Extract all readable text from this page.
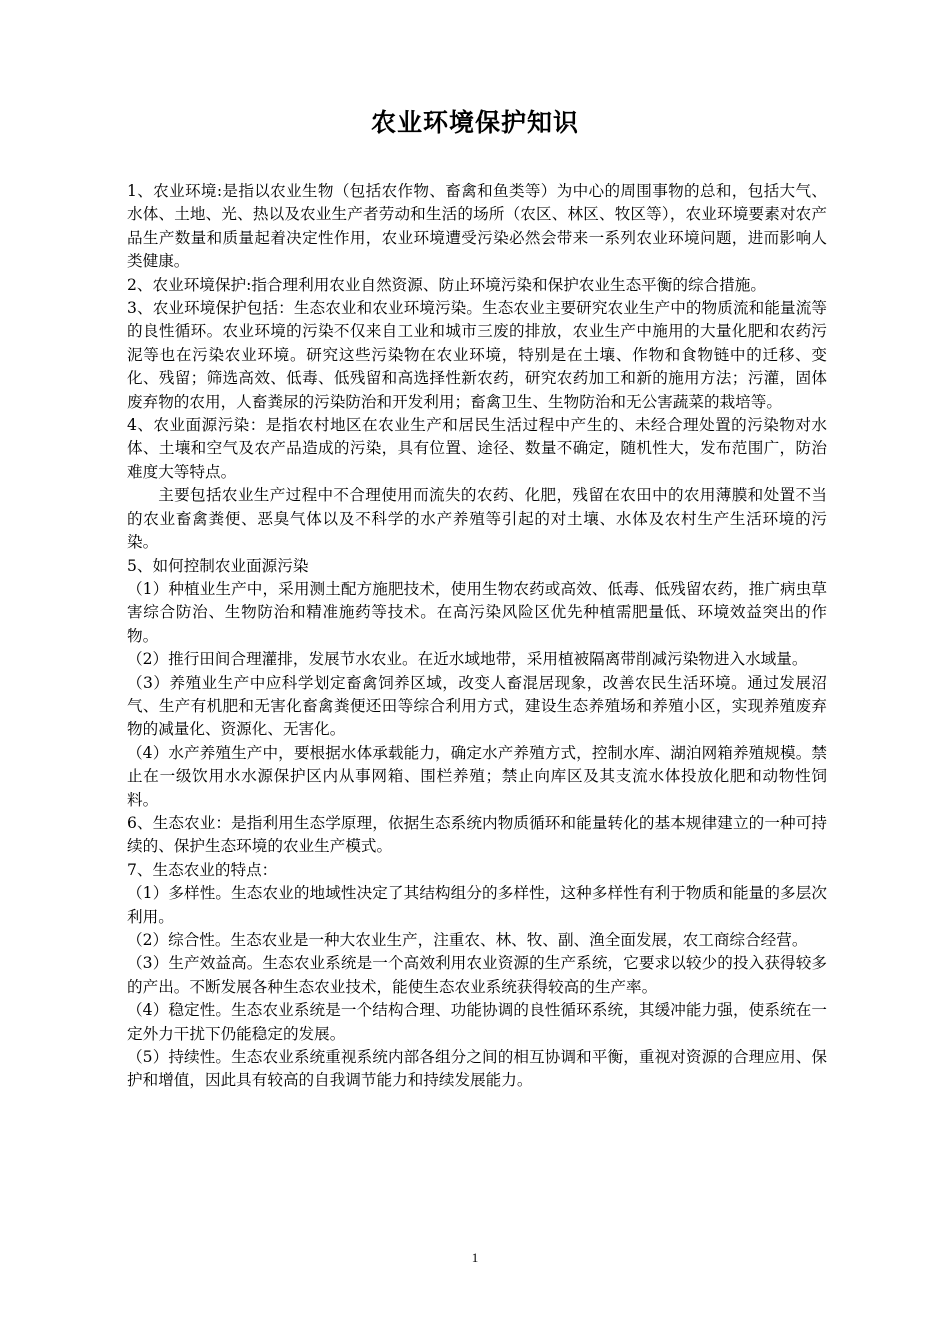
农业环境保护知识

1、农业环境:是指以农业生物（包括农作物、畜禽和鱼类等）为中心的周围事物的总和，包括大气、水体、土地、光、热以及农业生产者劳动和生活的场所（农区、林区、牧区等），农业环境要素对农产品生产数量和质量起着决定性作用，农业环境遭受污染必然会带来一系列农业环境问题，进而影响人类健康。

2、农业环境保护:指合理利用农业自然资源、防止环境污染和保护农业生态平衡的综合措施。

3、农业环境保护包括：生态农业和农业环境污染。生态农业主要研究农业生产中的物质流和能量流等的良性循环。农业环境的污染不仅来自工业和城市三废的排放，农业生产中施用的大量化肥和农药污泥等也在污染农业环境。研究这些污染物在农业环境，特别是在土壤、作物和食物链中的迁移、变化、残留；筛选高效、低毒、低残留和高选择性新农药，研究农药加工和新的施用方法；污灌，固体废弃物的农用，人畜粪尿的污染防治和开发利用；畜禽卫生、生物防治和无公害蔬菜的栽培等。

4、农业面源污染：是指农村地区在农业生产和居民生活过程中产生的、未经合理处置的污染物对水体、土壤和空气及农产品造成的污染，具有位置、途径、数量不确定，随机性大，发布范围广，防治难度大等特点。

主要包括农业生产过程中不合理使用而流失的农药、化肥，残留在农田中的农用薄膜和处置不当的农业畜禽粪便、恶臭气体以及不科学的水产养殖等引起的对土壤、水体及农村生产生活环境的污染。

5、如何控制农业面源污染

（1）种植业生产中，采用测土配方施肥技术，使用生物农药或高效、低毒、低残留农药，推广病虫草害综合防治、生物防治和精准施药等技术。在高污染风险区优先种植需肥量低、环境效益突出的作物。

（2）推行田间合理灌排，发展节水农业。在近水域地带，采用植被隔离带削减污染物进入水域量。

（3）养殖业生产中应科学划定畜禽饲养区域，改变人畜混居现象，改善农民生活环境。通过发展沼气、生产有机肥和无害化畜禽粪便还田等综合利用方式，建设生态养殖场和养殖小区，实现养殖废弃物的减量化、资源化、无害化。

（4）水产养殖生产中，要根据水体承载能力，确定水产养殖方式，控制水库、湖泊网箱养殖规模。禁止在一级饮用水水源保护区内从事网箱、围栏养殖；禁止向库区及其支流水体投放化肥和动物性饲料。

6、生态农业：是指利用生态学原理，依据生态系统内物质循环和能量转化的基本规律建立的一种可持续的、保护生态环境的农业生产模式。

7、生态农业的特点：

（1）多样性。生态农业的地域性决定了其结构组分的多样性，这种多样性有利于物质和能量的多层次利用。

（2）综合性。生态农业是一种大农业生产，注重农、林、牧、副、渔全面发展，农工商综合经营。

（3）生产效益高。生态农业系统是一个高效利用农业资源的生产系统，它要求以较少的投入获得较多的产出。不断发展各种生态农业技术，能使生态农业系统获得较高的生产率。

（4）稳定性。生态农业系统是一个结构合理、功能协调的良性循环系统，其缓冲能力强，使系统在一定外力干扰下仍能稳定的发展。

（5）持续性。生态农业系统重视系统内部各组分之间的相互协调和平衡，重视对资源的合理应用、保护和增值，因此具有较高的自我调节能力和持续发展能力。

1
